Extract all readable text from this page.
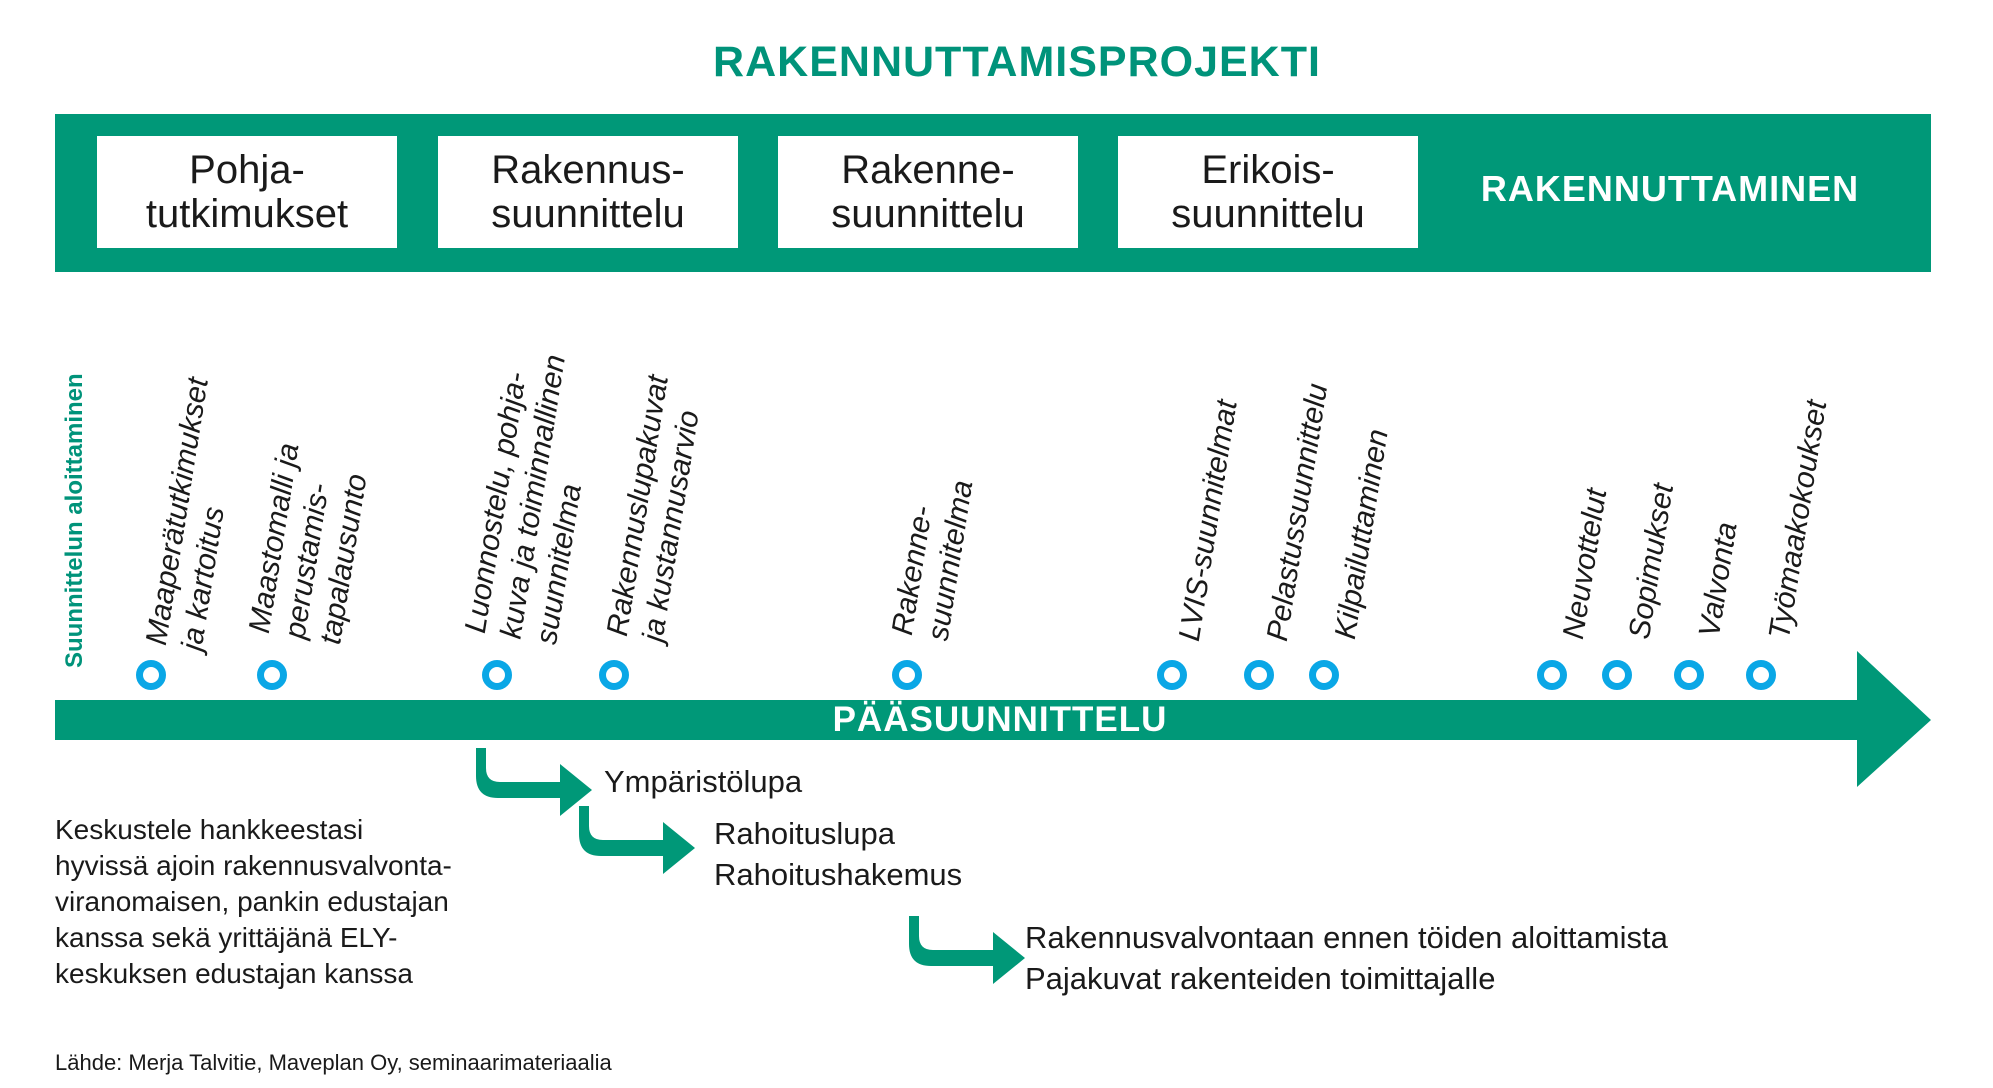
RAKENNUTTAMISPROJEKTI
Pohja-
tutkimukset
Rakennus-
suunnittelu
Rakenne-
suunnittelu
Erikois-
suunnittelu
RAKENNUTTAMINEN
Suunnittelun aloittaminen Maaperätutkimukset
ja kartoitus Maastomalli ja
perustamis-
tapalausunto	Luonnostelu, pohja-
kuva ja toiminnallinen
suunnitelma Rakennuslupakuvat
ja kustannusarvio	Rakenne-
suunnitelma	LVIS-suunnitelmat Pelastussuunnittelu
Kilpailuttaminen	Neuvottelut Sopimukset Valvonta Työmaakokoukset
PÄÄSUUNNITTELU
Ympäristölupa
Rahoituslupa
Rahoitushakemus
Rakennusvalvontaan ennen töiden aloittamista
Pajakuvat rakenteiden toimittajalle
Keskustele hankkeestasi
hyvissä ajoin rakennusvalvonta-
viranomaisen, pankin edustajan
kanssa sekä yrittäjänä ELY-
keskuksen edustajan kanssa
Lähde: Merja Talvitie, Maveplan Oy, seminaarimateriaalia
